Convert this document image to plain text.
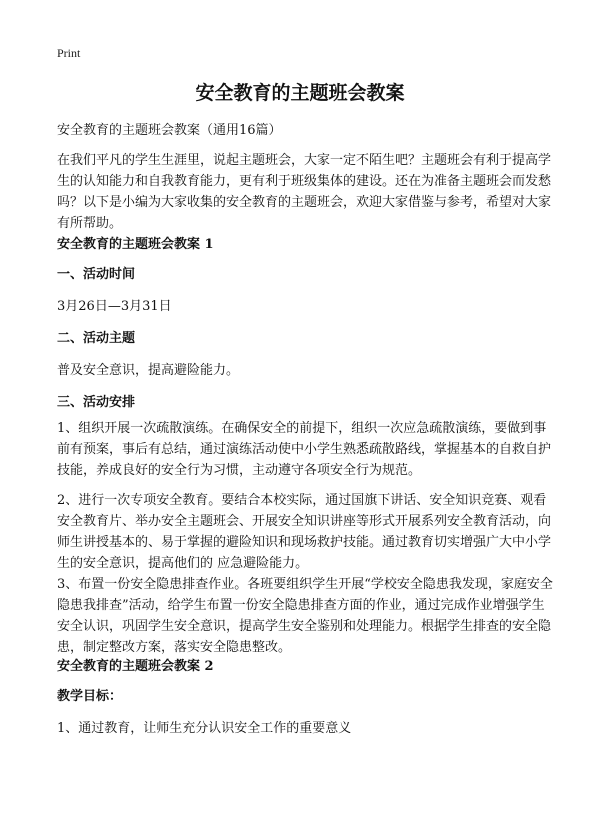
Print
安全教育的主题班会教案
安全教育的主题班会教案（通用16篇）

在我们平凡的学生生涯里，说起主题班会，大家一定不陌生吧？主题班会有利于提高学生的认知能力和自我教育能力，更有利于班级集体的建设。还在为准备主题班会而发愁吗？以下是小编为大家收集的安全教育的主题班会，欢迎大家借鉴与参考，希望对大家有所帮助。

安全教育的主题班会教案 1

一、活动时间

3月26日—3月31日

二、活动主题

普及安全意识，提高避险能力。

三、活动安排

1、组织开展一次疏散演练。在确保安全的前提下，组织一次应急疏散演练，要做到事前有预案，事后有总结，通过演练活动使中小学生熟悉疏散路线，掌握基本的自救自护技能，养成良好的安全行为习惯，主动遵守各项安全行为规范。

2、进行一次专项安全教育。要结合本校实际，通过国旗下讲话、安全知识竞赛、观看安全教育片、举办安全主题班会、开展安全知识讲座等形式开展系列安全教育活动，向师生讲授基本的、易于掌握的避险知识和现场救护技能。通过教育切实增强广大中小学生的安全意识，提高他们的 应急避险能力。

3、布置一份安全隐患排查作业。各班要组织学生开展“学校安全隐患我发现，家庭安全隐患我排查”活动，给学生布置一份安全隐患排查方面的作业，通过完成作业增强学生安全认识，巩固学生安全意识，提高学生安全鉴别和处理能力。根据学生排查的安全隐患，制定整改方案，落实安全隐患整改。

安全教育的主题班会教案 2

教学目标：

1、通过教育，让师生充分认识安全工作的重要意义
